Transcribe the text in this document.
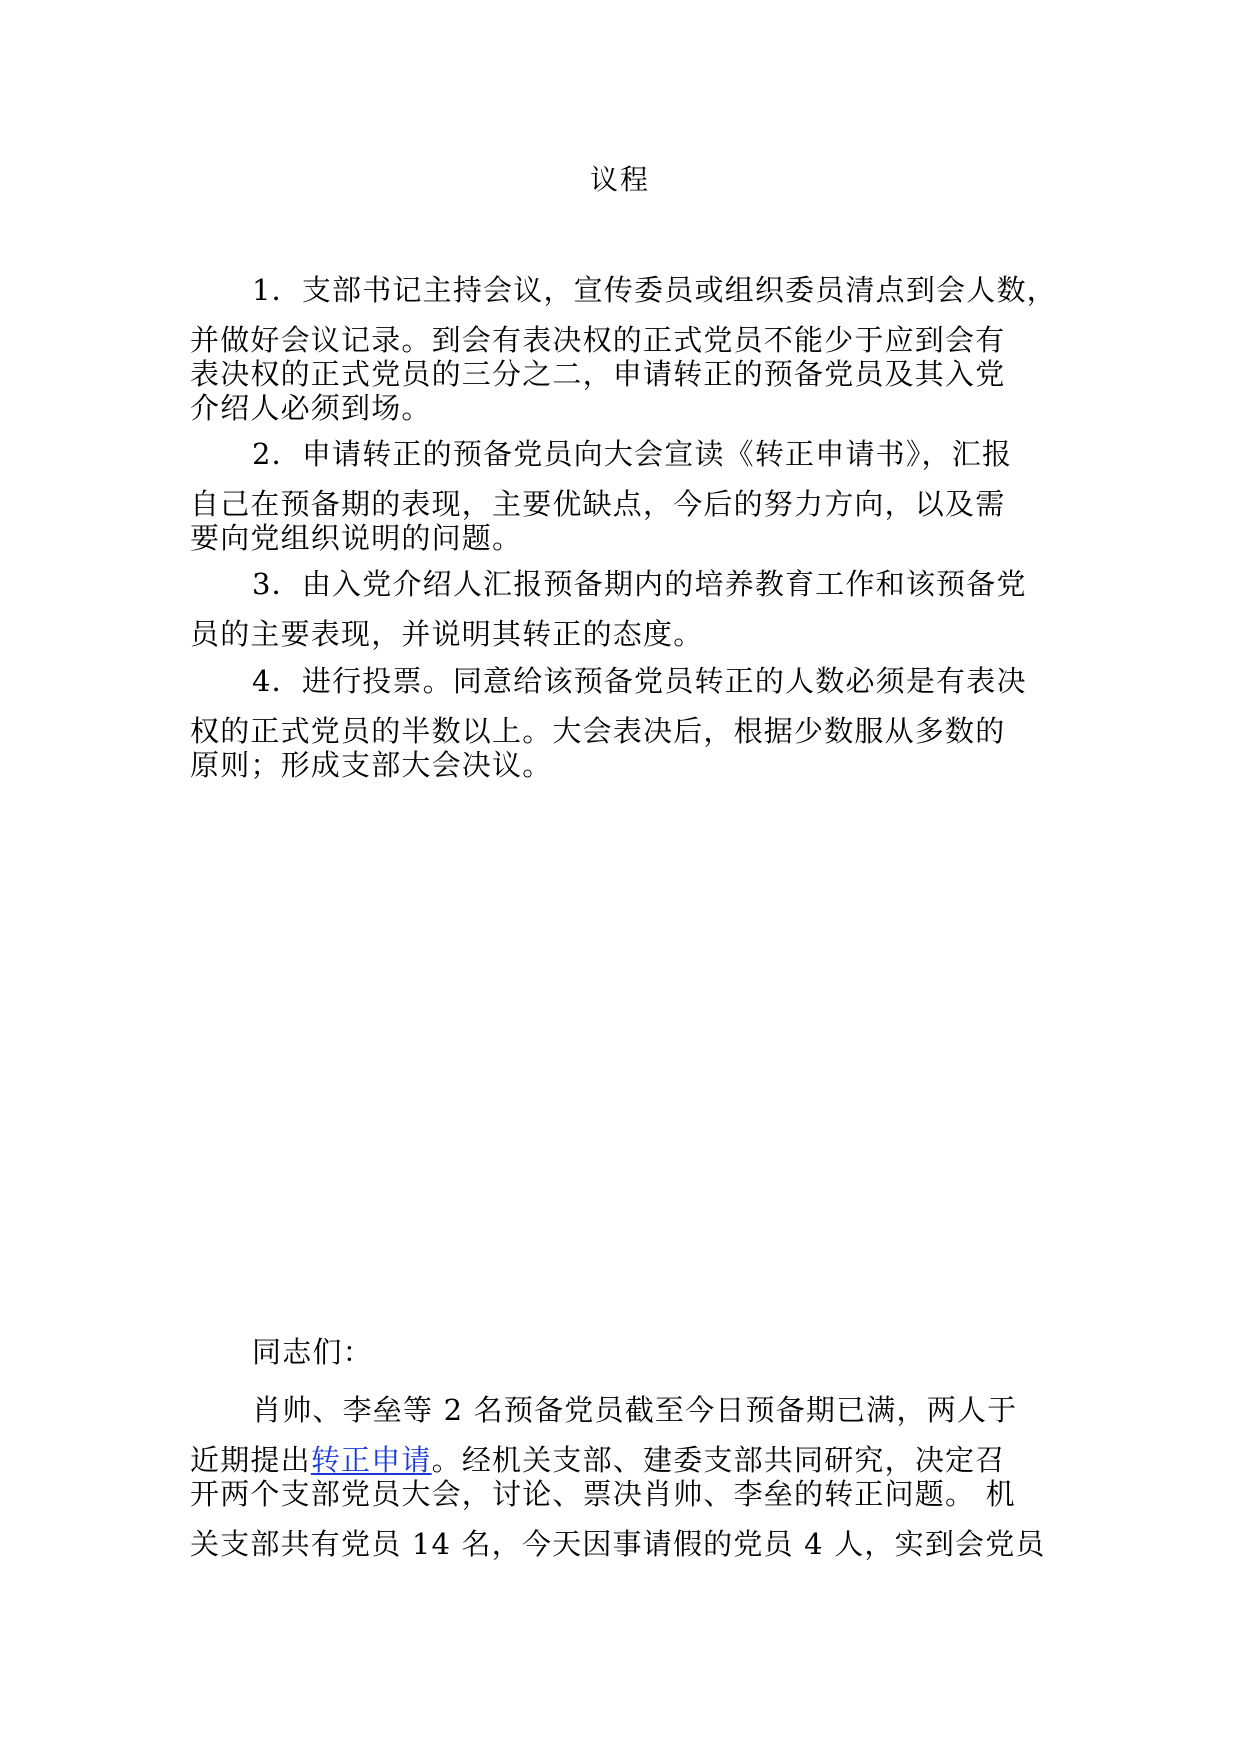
议程
1．支部书记主持会议，宣传委员或组织委员清点到会人数，
并做好会议记录。到会有表决权的正式党员不能少于应到会有
表决权的正式党员的三分之二，申请转正的预备党员及其入党
介绍人必须到场。
2．申请转正的预备党员向大会宣读《转正申请书》，汇报
自己在预备期的表现，主要优缺点，今后的努力方向，以及需
要向党组织说明的问题。
3．由入党介绍人汇报预备期内的培养教育工作和该预备党
员的主要表现，并说明其转正的态度。
4．进行投票。同意给该预备党员转正的人数必须是有表决
权的正式党员的半数以上。大会表决后，根据少数服从多数的
原则；形成支部大会决议。
同志们：
肖帅、李垒等 2 名预备党员截至今日预备期已满，两人于
近期提出转正申请。经机关支部、建委支部共同研究，决定召
开两个支部党员大会，讨论、票决肖帅、李垒的转正问题。 机
关支部共有党员 14 名，今天因事请假的党员 4 人，实到会党员
